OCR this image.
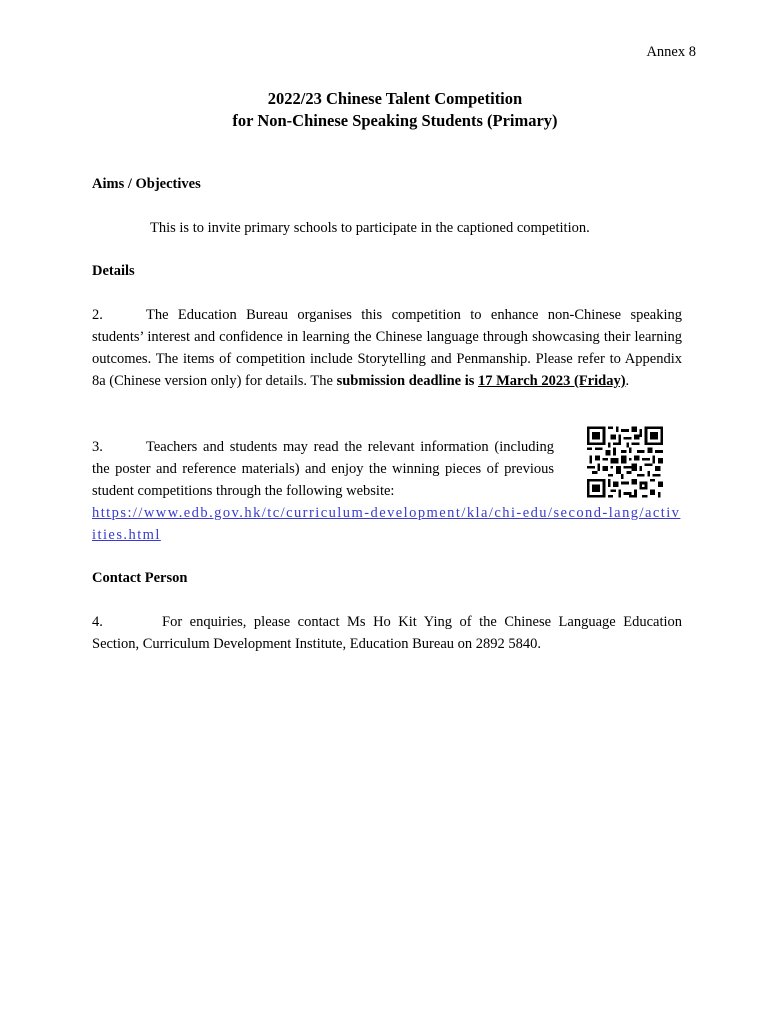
Annex 8
2022/23 Chinese Talent Competition
for Non-Chinese Speaking Students (Primary)
Aims / Objectives
This is to invite primary schools to participate in the captioned competition.
Details
2.	The Education Bureau organises this competition to enhance non-Chinese speaking students’ interest and confidence in learning the Chinese language through showcasing their learning outcomes. The items of competition include Storytelling and Penmanship. Please refer to Appendix 8a (Chinese version only) for details. The submission deadline is 17 March 2023 (Friday).
3.	Teachers and students may read the relevant information (including the poster and reference materials) and enjoy the winning pieces of previous student competitions through the following website:
https://www.edb.gov.hk/tc/curriculum-development/kla/chi-edu/second-lang/activities.html
Contact Person
4.	For enquiries, please contact Ms Ho Kit Ying of the Chinese Language Education Section, Curriculum Development Institute, Education Bureau on 2892 5840.
